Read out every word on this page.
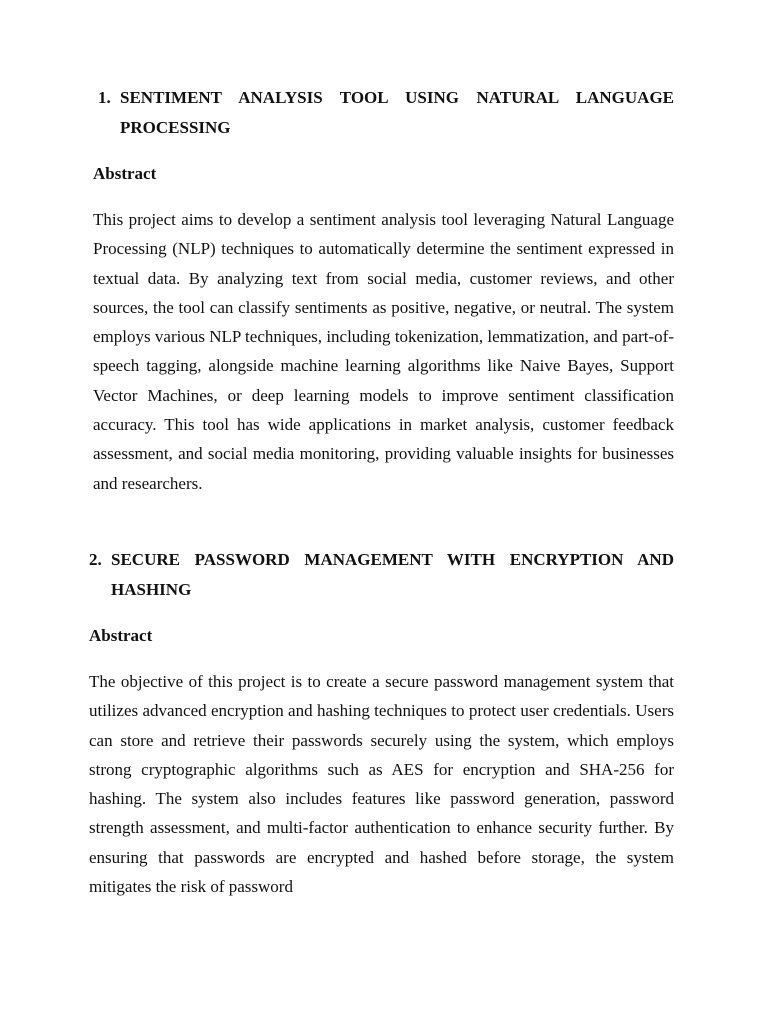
1. SENTIMENT ANALYSIS TOOL USING NATURAL LANGUAGE PROCESSING
Abstract

This project aims to develop a sentiment analysis tool leveraging Natural Language Processing (NLP) techniques to automatically determine the sentiment expressed in textual data. By analyzing text from social media, customer reviews, and other sources, the tool can classify sentiments as positive, negative, or neutral. The system employs various NLP techniques, including tokenization, lemmatization, and part-of-speech tagging, alongside machine learning algorithms like Naive Bayes, Support Vector Machines, or deep learning models to improve sentiment classification accuracy. This tool has wide applications in market analysis, customer feedback assessment, and social media monitoring, providing valuable insights for businesses and researchers.

2. SECURE PASSWORD MANAGEMENT WITH ENCRYPTION AND HASHING
Abstract

The objective of this project is to create a secure password management system that utilizes advanced encryption and hashing techniques to protect user credentials. Users can store and retrieve their passwords securely using the system, which employs strong cryptographic algorithms such as AES for encryption and SHA-256 for hashing. The system also includes features like password generation, password strength assessment, and multi-factor authentication to enhance security further. By ensuring that passwords are encrypted and hashed before storage, the system mitigates the risk of password
